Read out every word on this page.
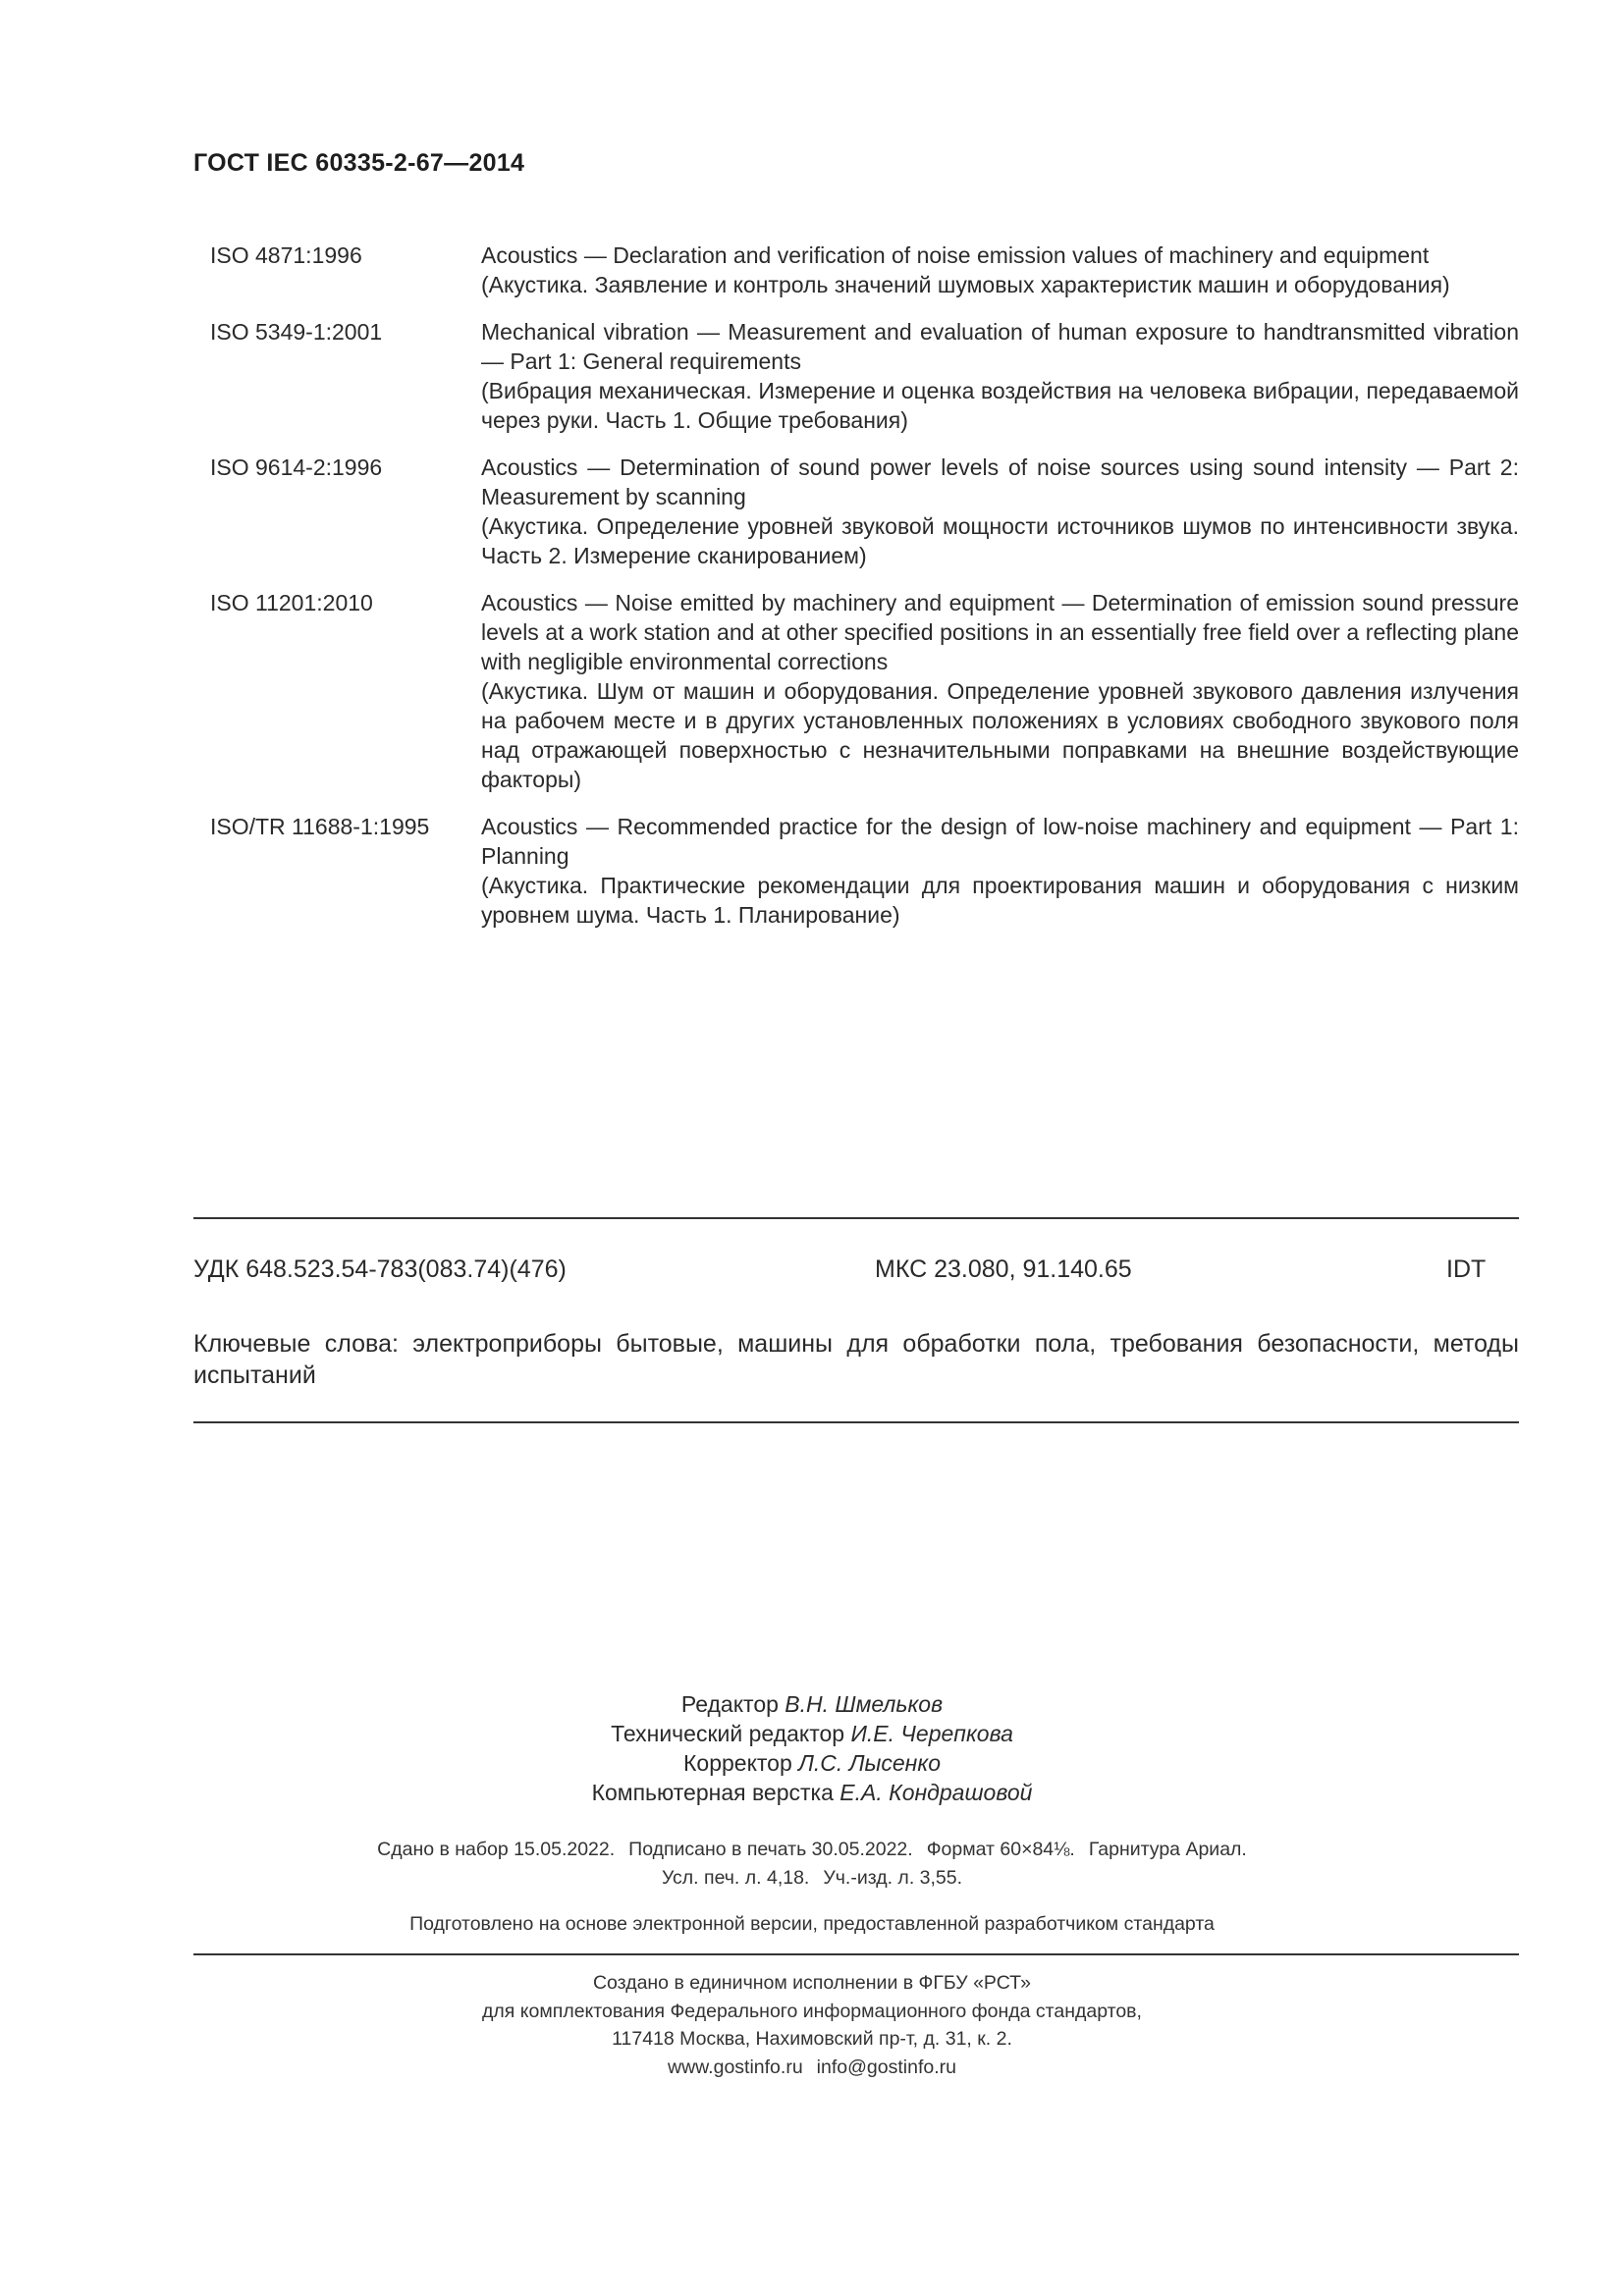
ГОСТ IEC 60335-2-67—2014
ISO 4871:1996	Acoustics — Declaration and verification of noise emission values of machinery and equipment
(Акустика. Заявление и контроль значений шумовых характеристик машин и оборудования)
ISO 5349-1:2001	Mechanical vibration — Measurement and evaluation of human exposure to handtransmitted vibration — Part 1: General requirements
(Вибрация механическая. Измерение и оценка воздействия на человека вибрации, передаваемой через руки. Часть 1. Общие требования)
ISO 9614-2:1996	Acoustics — Determination of sound power levels of noise sources using sound intensity — Part 2: Measurement by scanning
(Акустика. Определение уровней звуковой мощности источников шумов по интенсивности звука. Часть 2. Измерение сканированием)
ISO 11201:2010	Acoustics — Noise emitted by machinery and equipment — Determination of emission sound pressure levels at a work station and at other specified positions in an essentially free field over a reflecting plane with negligible environmental corrections
(Акустика. Шум от машин и оборудования. Определение уровней звукового давления излучения на рабочем месте и в других установленных положениях в условиях свободного звукового поля над отражающей поверхностью с незначительными поправками на внешние воздействующие факторы)
ISO/TR 11688-1:1995	Acoustics — Recommended practice for the design of low-noise machinery and equipment — Part 1: Planning
(Акустика. Практические рекомендации для проектирования машин и оборудования с низким уровнем шума. Часть 1. Планирование)
УДК 648.523.54-783(083.74)(476)	МКС 23.080, 91.140.65	IDT
Ключевые слова: электроприборы бытовые, машины для обработки пола, требования безопасности, методы испытаний
Редактор В.Н. Шмельков
Технический редактор И.Е. Черепкова
Корректор Л.С. Лысенко
Компьютерная верстка Е.А. Кондрашовой
Сдано в набор 15.05.2022. Подписано в печать 30.05.2022. Формат 60×84⅛. Гарнитура Ариал.
Усл. печ. л. 4,18. Уч.-изд. л. 3,55.
Подготовлено на основе электронной версии, предоставленной разработчиком стандарта
Создано в единичном исполнении в ФГБУ «РСТ»
для комплектования Федерального информационного фонда стандартов,
117418 Москва, Нахимовский пр-т, д. 31, к. 2.
www.gostinfo.ru info@gostinfo.ru
